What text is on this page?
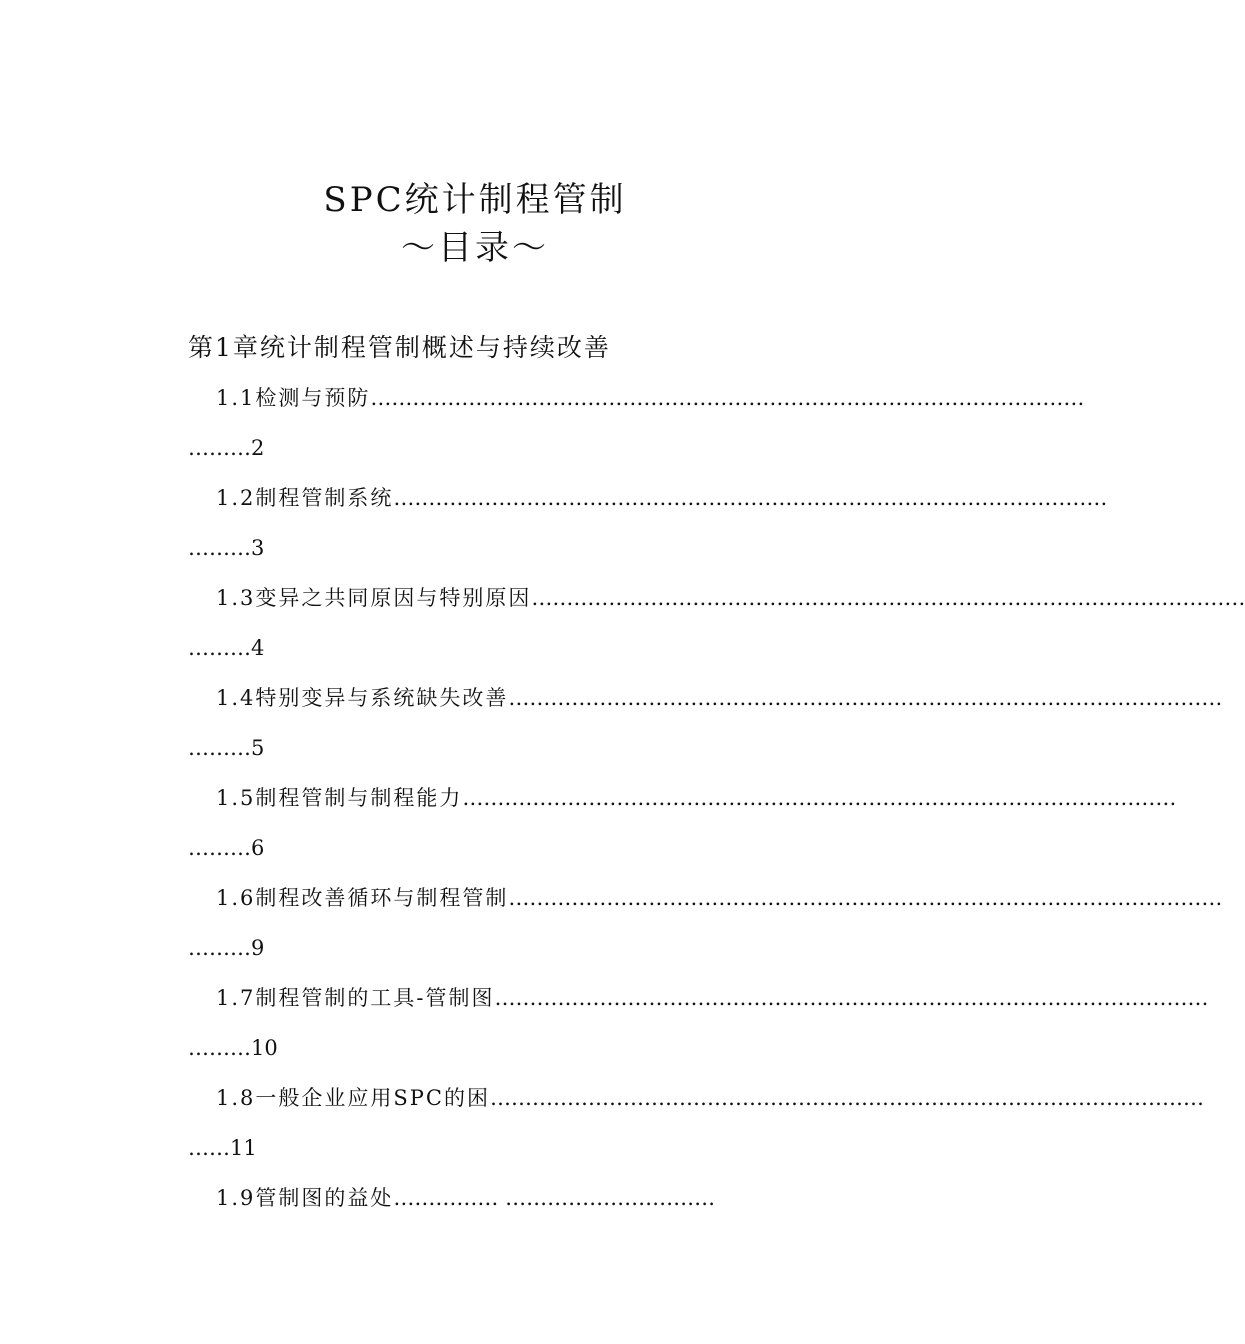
SPC统计制程管制
～目录～
第1章统计制程管制概述与持续改善
1.1检测与预防 …………………………………………………………………………………………
………2
1.2制程管制系统 …………………………………………………………………………………………
………3
1.3变异之共同原因与特别原因 …………………………………………………………………………………………
………4
1.4特别变异与系统缺失改善 …………………………………………………………………………………………
………5
1.5制程管制与制程能力 …………………………………………………………………………………………
………6
1.6制程改善循环与制程管制 …………………………………………………………………………………………
………9
1.7制程管制的工具-管制图 …………………………………………………………………………………………
………10
1.8一般企业应用SPC的困 …………………………………………………………………………………………
……11
1.9管制图的益处 …………… …………………………
